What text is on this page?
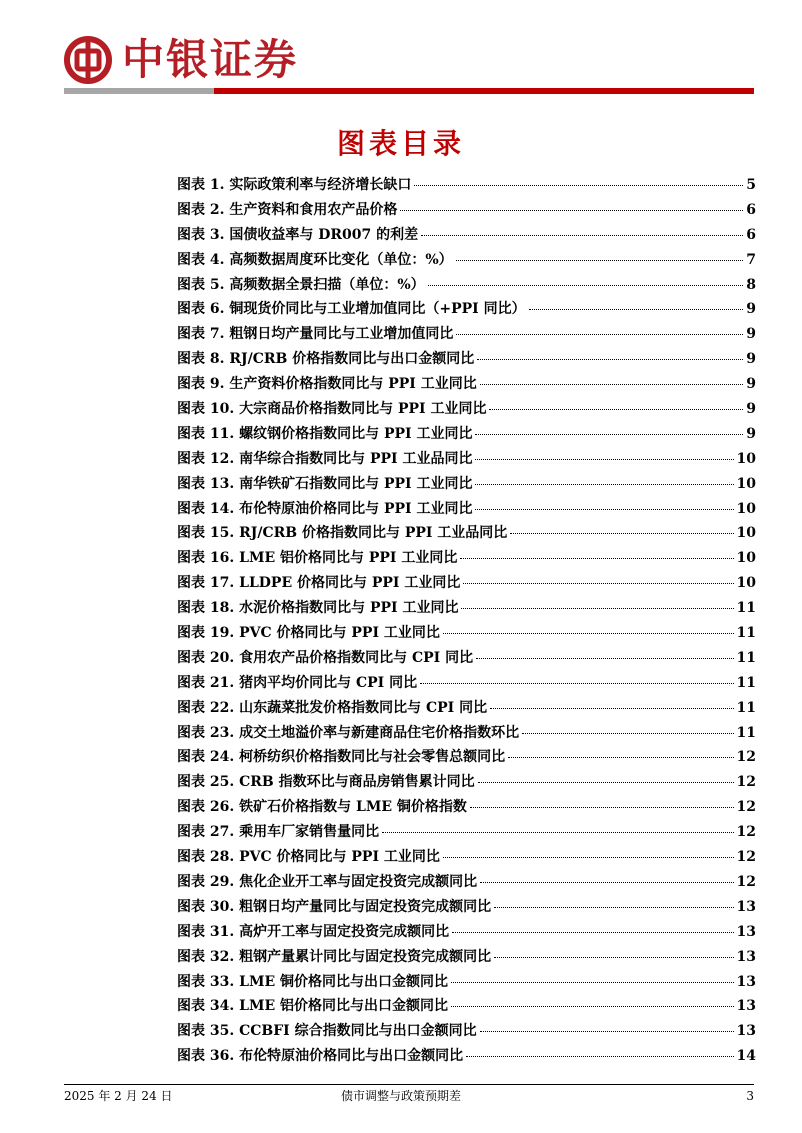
中银证券
图表目录
图表 1. 实际政策利率与经济增长缺口	5
图表 2. 生产资料和食用农产品价格	6
图表 3. 国债收益率与 DR007 的利差	6
图表 4. 高频数据周度环比变化（单位：%）	7
图表 5. 高频数据全景扫描（单位：%）	8
图表 6. 铜现货价同比与工业增加值同比（+PPI 同比）	9
图表 7. 粗钢日均产量同比与工业增加值同比	9
图表 8. RJ/CRB 价格指数同比与出口金额同比	9
图表 9. 生产资料价格指数同比与 PPI 工业同比	9
图表 10. 大宗商品价格指数同比与 PPI 工业同比	9
图表 11. 螺纹钢价格指数同比与 PPI 工业同比	9
图表 12. 南华综合指数同比与 PPI 工业品同比	10
图表 13. 南华铁矿石指数同比与 PPI 工业同比	10
图表 14. 布伦特原油价格同比与 PPI 工业同比	10
图表 15. RJ/CRB 价格指数同比与 PPI 工业品同比	10
图表 16. LME 铝价格同比与 PPI 工业同比	10
图表 17. LLDPE 价格同比与 PPI 工业同比	10
图表 18. 水泥价格指数同比与 PPI 工业同比	11
图表 19. PVC 价格同比与 PPI 工业同比	11
图表 20. 食用农产品价格指数同比与 CPI 同比	11
图表 21. 猪肉平均价同比与 CPI 同比	11
图表 22. 山东蔬菜批发价格指数同比与 CPI 同比	11
图表 23. 成交土地溢价率与新建商品住宅价格指数环比	11
图表 24. 柯桥纺织价格指数同比与社会零售总额同比	12
图表 25. CRB 指数环比与商品房销售累计同比	12
图表 26. 铁矿石价格指数与 LME 铜价格指数	12
图表 27. 乘用车厂家销售量同比	12
图表 28. PVC 价格同比与 PPI 工业同比	12
图表 29. 焦化企业开工率与固定投资完成额同比	12
图表 30. 粗钢日均产量同比与固定投资完成额同比	13
图表 31. 高炉开工率与固定投资完成额同比	13
图表 32. 粗钢产量累计同比与固定投资完成额同比	13
图表 33. LME 铜价格同比与出口金额同比	13
图表 34. LME 铝价格同比与出口金额同比	13
图表 35. CCBFI 综合指数同比与出口金额同比	13
图表 36. 布伦特原油价格同比与出口金额同比	14
2025 年 2 月 24 日	债市调整与政策预期差	3
